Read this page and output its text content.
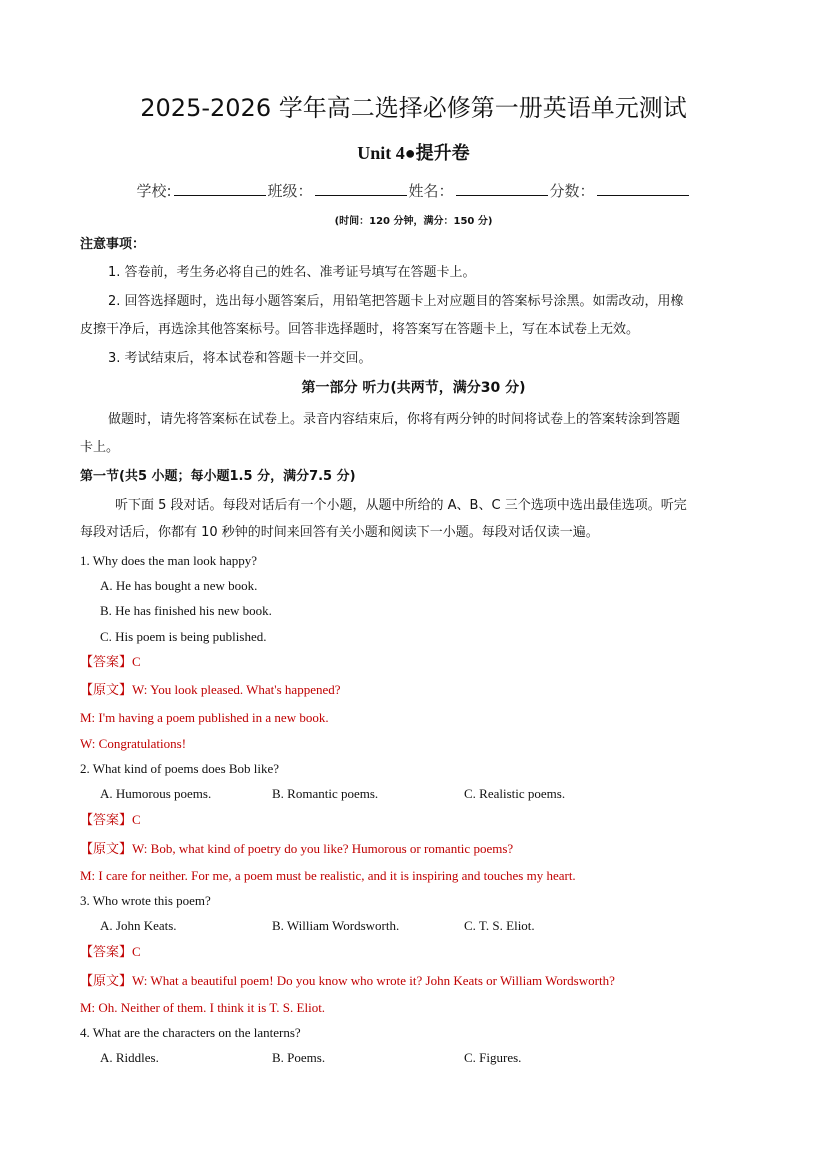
2025-2026 学年高二选择必修第一册英语单元测试
Unit 4●提升卷
学校:	班级：	姓名：	分数：
(时间：120 分钟，满分：150 分)
注意事项：
1. 答卷前，考生务必将自己的姓名、准考证号填写在答题卡上。
2. 回答选择题时，选出每小题答案后，用铅笔把答题卡上对应题目的答案标号涂黑。如需改动，用橡
皮擦干净后，再选涂其他答案标号。回答非选择题时，将答案写在答题卡上，写在本试卷上无效。
3. 考试结束后，将本试卷和答题卡一并交回。
第一部分 听力(共两节，满分30 分)
做题时，请先将答案标在试卷上。录音内容结束后，你将有两分钟的时间将试卷上的答案转涂到答题
卡上。
第一节(共5 小题；每小题1.5 分，满分7.5 分)
听下面 5 段对话。每段对话后有一个小题，从题中所给的 A、B、C 三个选项中选出最佳选项。听完
每段对话后，你都有 10 秒钟的时间来回答有关小题和阅读下一小题。每段对话仅读一遍。
1. Why does the man look happy?
A. He has bought a new book.
B. He has finished his new book.
C. His poem is being published.
【答案】C
【原文】W: You look pleased. What's happened?
M: I'm having a poem published in a new book.
W: Congratulations!
2. What kind of poems does Bob like?
A. Humorous poems.	B. Romantic poems.	C. Realistic poems.
【答案】C
【原文】W: Bob, what kind of poetry do you like? Humorous or romantic poems?
M: I care for neither. For me, a poem must be realistic, and it is inspiring and touches my heart.
3. Who wrote this poem?
A. John Keats.	B. William Wordsworth.	C. T. S. Eliot.
【答案】C
【原文】W: What a beautiful poem! Do you know who wrote it? John Keats or William Wordsworth?
M: Oh. Neither of them. I think it is T. S. Eliot.
4. What are the characters on the lanterns?
A. Riddles.	B. Poems.	C. Figures.
